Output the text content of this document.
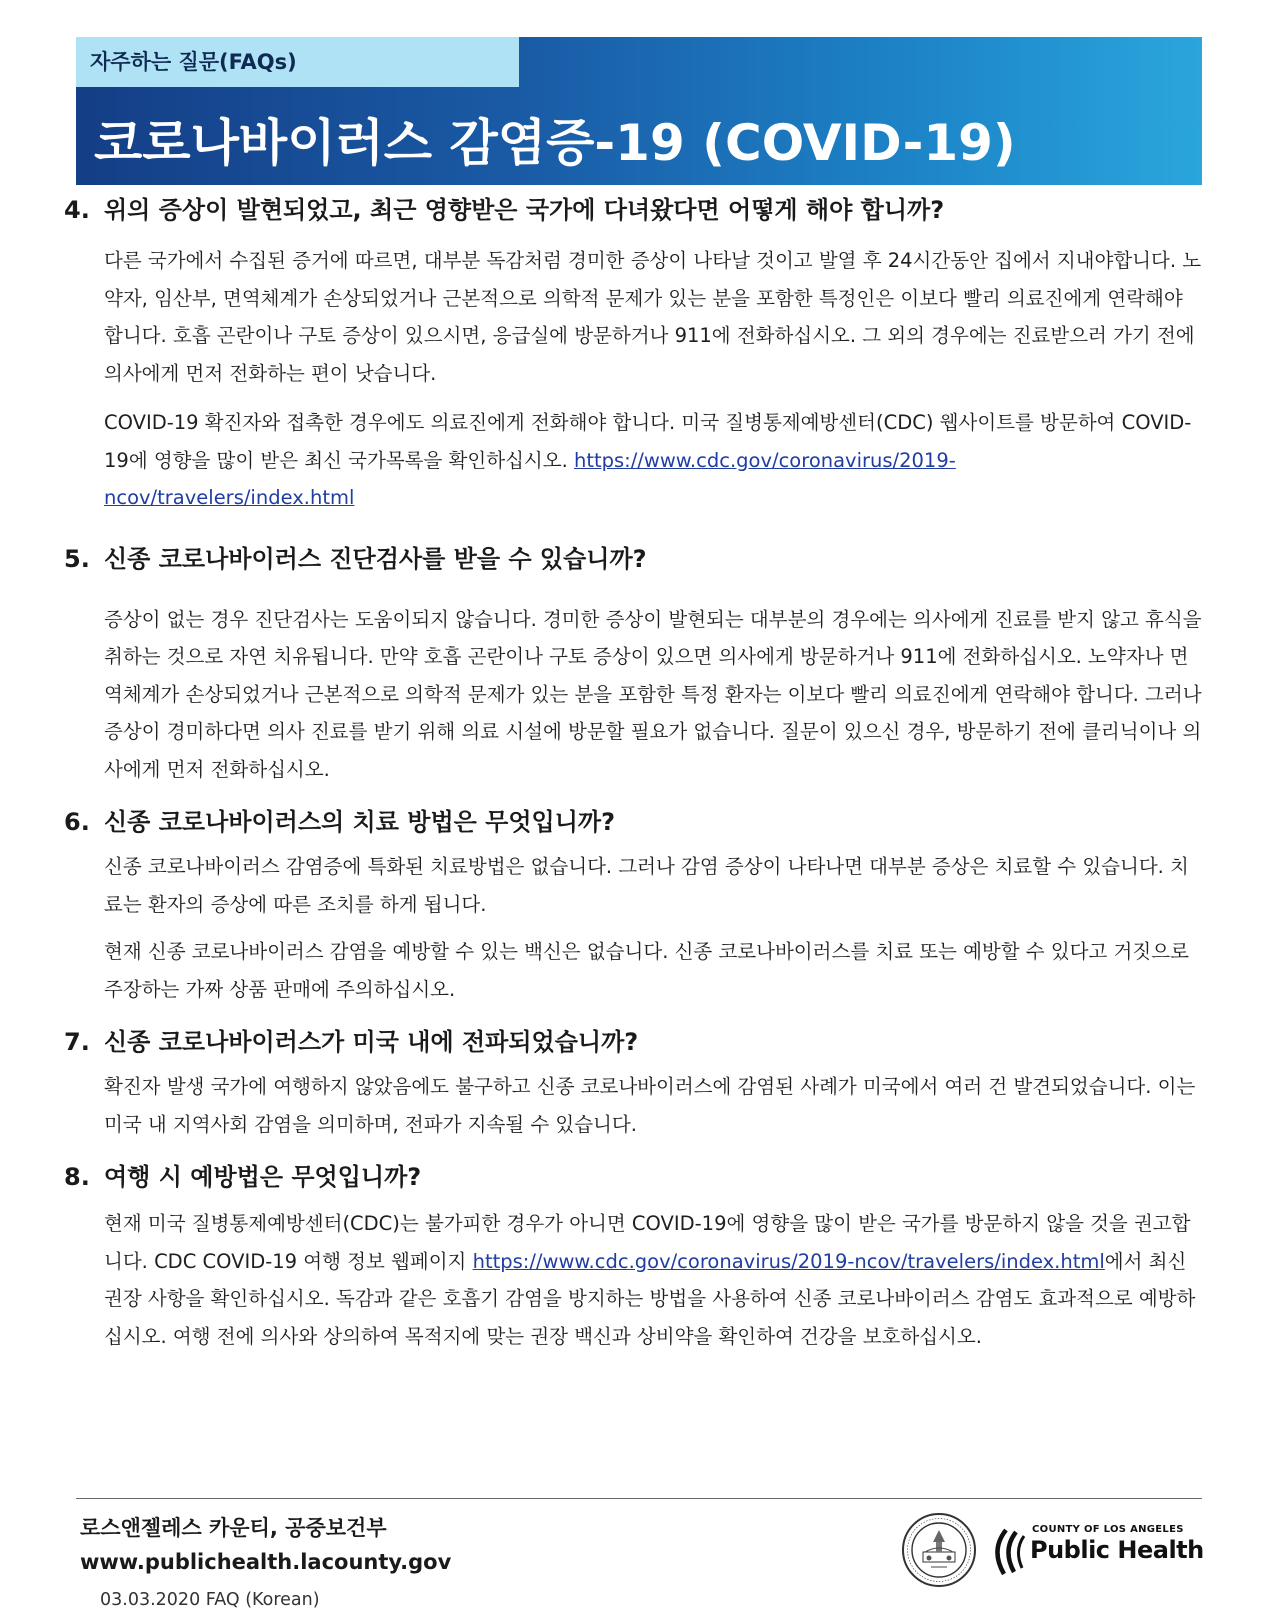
자주하는 질문(FAQs)
코로나바이러스 감염증-19 (COVID-19)
4. 위의 증상이 발현되었고, 최근 영향받은 국가에 다녀왔다면 어떻게 해야 합니까?

다른 국가에서 수집된 증거에 따르면, 대부분 독감처럼 경미한 증상이 나타날 것이고 발열 후 24시간동안 집에서 지내야합니다. 노약자, 임산부, 면역체계가 손상되었거나 근본적으로 의학적 문제가 있는 분을 포함한 특정인은 이보다 빨리 의료진에게 연락해야 합니다. 호흡 곤란이나 구토 증상이 있으시면, 응급실에 방문하거나 911에 전화하십시오. 그 외의 경우에는 진료받으러 가기 전에 의사에게 먼저 전화하는 편이 낫습니다.

COVID-19 확진자와 접촉한 경우에도 의료진에게 전화해야 합니다. 미국 질병통제예방센터(CDC) 웹사이트를 방문하여 COVID-19에 영향을 많이 받은 최신 국가목록을 확인하십시오. https://www.cdc.gov/coronavirus/2019-ncov/travelers/index.html

5. 신종 코로나바이러스 진단검사를 받을 수 있습니까?

증상이 없는 경우 진단검사는 도움이되지 않습니다. 경미한 증상이 발현되는 대부분의 경우에는 의사에게 진료를 받지 않고 휴식을 취하는 것으로 자연 치유됩니다. 만약 호흡 곤란이나 구토 증상이 있으면 의사에게 방문하거나 911에 전화하십시오. 노약자나 면역체계가 손상되었거나 근본적으로 의학적 문제가 있는 분을 포함한 특정 환자는 이보다 빨리 의료진에게 연락해야 합니다. 그러나 증상이 경미하다면 의사 진료를 받기 위해 의료 시설에 방문할 필요가 없습니다. 질문이 있으신 경우, 방문하기 전에 클리닉이나 의사에게 먼저 전화하십시오.

6. 신종 코로나바이러스의 치료 방법은 무엇입니까?

신종 코로나바이러스 감염증에 특화된 치료방법은 없습니다. 그러나 감염 증상이 나타나면 대부분 증상은 치료할 수 있습니다. 치료는 환자의 증상에 따른 조치를 하게 됩니다.

현재 신종 코로나바이러스 감염을 예방할 수 있는 백신은 없습니다. 신종 코로나바이러스를 치료 또는 예방할 수 있다고 거짓으로 주장하는 가짜 상품 판매에 주의하십시오.

7. 신종 코로나바이러스가 미국 내에 전파되었습니까?

확진자 발생 국가에 여행하지 않았음에도 불구하고 신종 코로나바이러스에 감염된 사례가 미국에서 여러 건 발견되었습니다. 이는 미국 내 지역사회 감염을 의미하며, 전파가 지속될 수 있습니다.

8. 여행 시 예방법은 무엇입니까?

현재 미국 질병통제예방센터(CDC)는 불가피한 경우가 아니면 COVID-19에 영향을 많이 받은 국가를 방문하지 않을 것을 권고합니다. CDC COVID-19 여행 정보 웹페이지 https://www.cdc.gov/coronavirus/2019-ncov/travelers/index.html에서 최신 권장 사항을 확인하십시오. 독감과 같은 호흡기 감염을 방지하는 방법을 사용하여 신종 코로나바이러스 감염도 효과적으로 예방하십시오. 여행 전에 의사와 상의하여 목적지에 맞는 권장 백신과 상비약을 확인하여 건강을 보호하십시오.

로스앤젤레스 카운티, 공중보건부
www.publichealth.lacounty.gov
03.03.2020 FAQ (Korean)
COUNTY OF LOS ANGELES
Public Health
